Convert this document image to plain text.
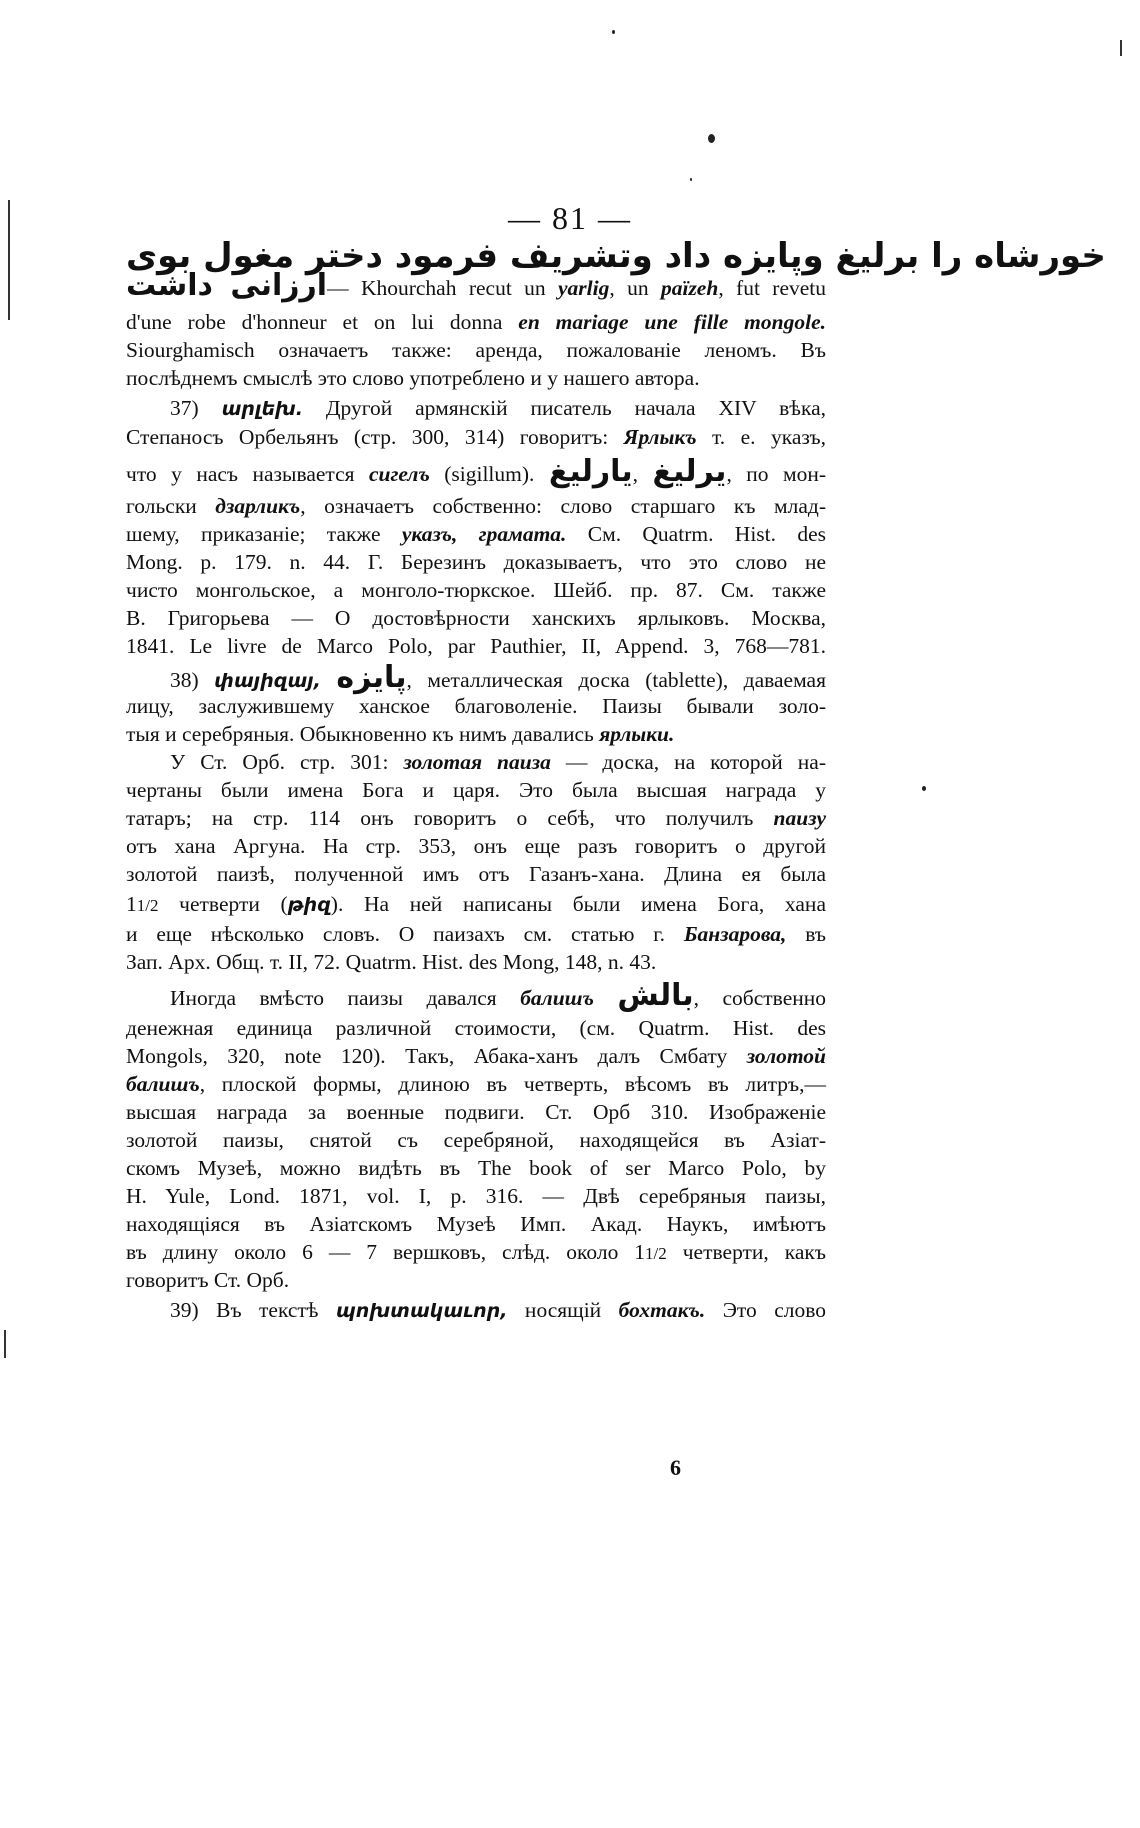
— 81 —
خورشاه را برليغ وپايزه داد وتشريف فرمود دختر مغول بوى
ارزانى داشت— Khourchah recut un yarlig, un païzeh, fut revetu
d'une robe d'honneur et on lui donna en mariage une fille mongole.
Siourghamisch означаетъ также: аренда, пожалованіе леномъ. Въ
послѣднемъ смыслѣ это слово употреблено и у нашего автора.
37) արլեխ. Другой армянскій писатель начала XIV вѣка,
Степаносъ Орбельянъ (стр. 300, 314) говоритъ: Ярлыкъ т. е. указъ,
что у насъ называется сигелъ (sigillum). يارليغ, يرليغ, по мон-
гольски дзарликъ, означаетъ собственно: слово старшаго къ млад-
шему, приказаніе; также указъ, грамата. См. Quatrm. Hist. des
Mong. p. 179. n. 44. Г. Березинъ доказываетъ, что это слово не
чисто монгольское, а монголо-тюркское. Шейб. пр. 87. См. также
В. Григорьева — О достовѣрности ханскихъ ярлыковъ. Москва,
1841. Le livre de Marco Polo, par Pauthier, II, Append. 3, 768—781.
38) փայիզայ, پايزه, металлическая доска (tablette), даваемая
лицу, заслужившему ханское благоволеніе. Паизы бывали золо-
тыя и серебряныя. Обыкновенно къ нимъ давались ярлыки.
У Ст. Орб. стр. 301: золотая паиза — доска, на которой на-
чертаны были имена Бога и царя. Это была высшая награда у
татаръ; на стр. 114 онъ говоритъ о себѣ, что получилъ паизу
отъ хана Аргуна. На стр. 353, онъ еще разъ говоритъ о другой
золотой паизѣ, полученной имъ отъ Газанъ-хана. Длина ея была
11/2 четверти (թիզ). На ней написаны были имена Бога, хана
и еще нѣсколько словъ. О паизахъ см. статью г. Банзарова, въ
Зап. Арх. Общ. т. II, 72. Quatrm. Hist. des Mong, 148, n. 43.
Иногда вмѣсто паизы давался балишъ بالش, собственно
денежная единица различной стоимости, (см. Quatrm. Hist. des
Mongols, 320, note 120). Такъ, Абака-ханъ далъ Смбату золотой
балишъ, плоской формы, длиною въ четверть, вѣсомъ въ литръ,—
высшая награда за военные подвиги. Ст. Орб 310. Изображеніе
золотой паизы, снятой съ серебряной, находящейся въ Азіат-
скомъ Музеѣ, можно видѣть въ The book of ser Marco Polo, by
H. Yule, Lond. 1871, vol. I, p. 316. — Двѣ серебряныя паизы,
находящіяся въ Азіатскомъ Музеѣ Имп. Акад. Наукъ, имѣютъ
въ длину около 6 — 7 вершковъ, слѣд. около 11/2 четверти, какъ
говоритъ Ст. Орб.
39) Въ текстѣ պոխտակաւոր, носящій бохтакъ. Это слово
6
